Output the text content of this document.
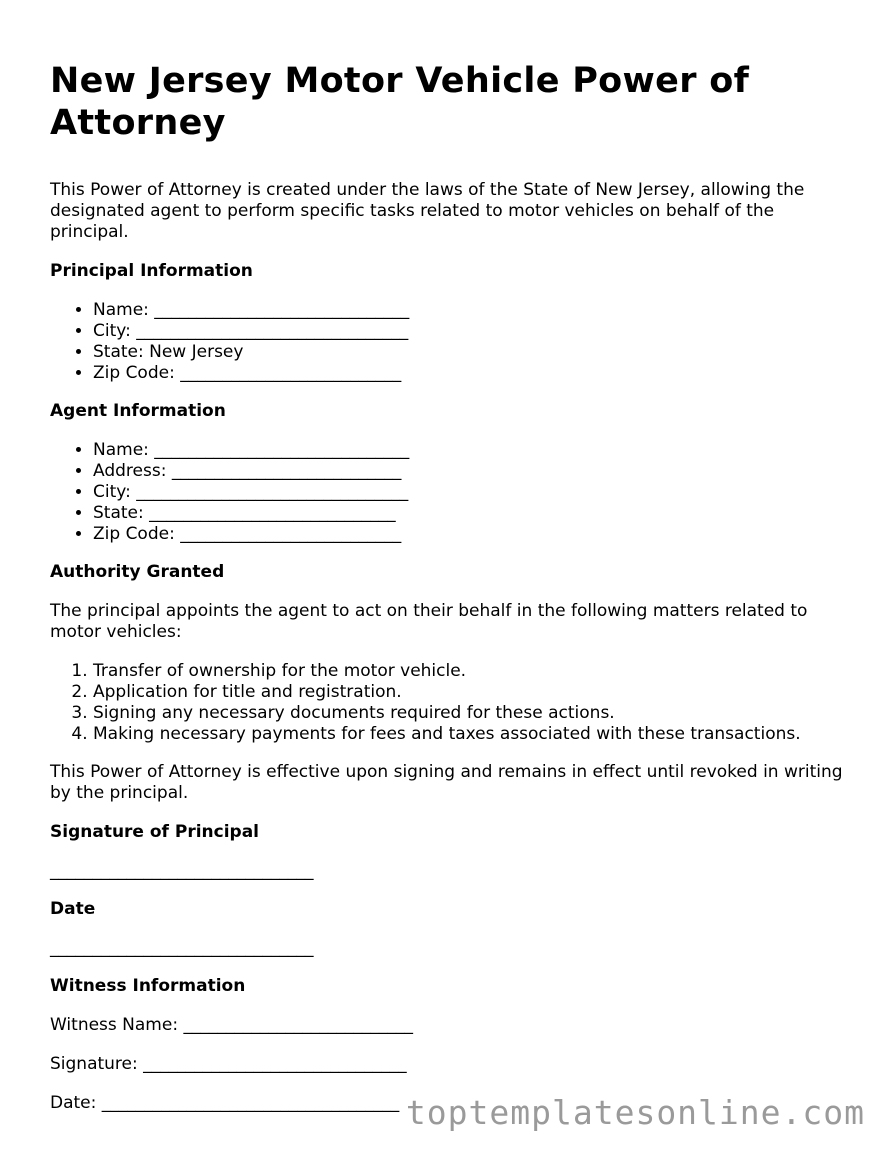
New Jersey Motor Vehicle Power of Attorney

This Power of Attorney is created under the laws of the State of New Jersey, allowing the designated agent to perform specific tasks related to motor vehicles on behalf of the principal.

Principal Information
• Name: ______________________________
• City: ________________________________
• State: New Jersey
• Zip Code: __________________________
Agent Information
• Name: ______________________________
• Address: ___________________________
• City: ________________________________
• State: _____________________________
• Zip Code: __________________________
Authority Granted

The principal appoints the agent to act on their behalf in the following matters related to motor vehicles:

1. Transfer of ownership for the motor vehicle.
2. Application for title and registration.
3. Signing any necessary documents required for these actions.
4. Making necessary payments for fees and taxes associated with these transactions.

This Power of Attorney is effective upon signing and remains in effect until revoked in writing by the principal.

Signature of Principal
_______________________________
Date
_______________________________
Witness Information

Witness Name: ___________________________

Signature: _______________________________

Date: ___________________________________ toptemplatesonline.com
